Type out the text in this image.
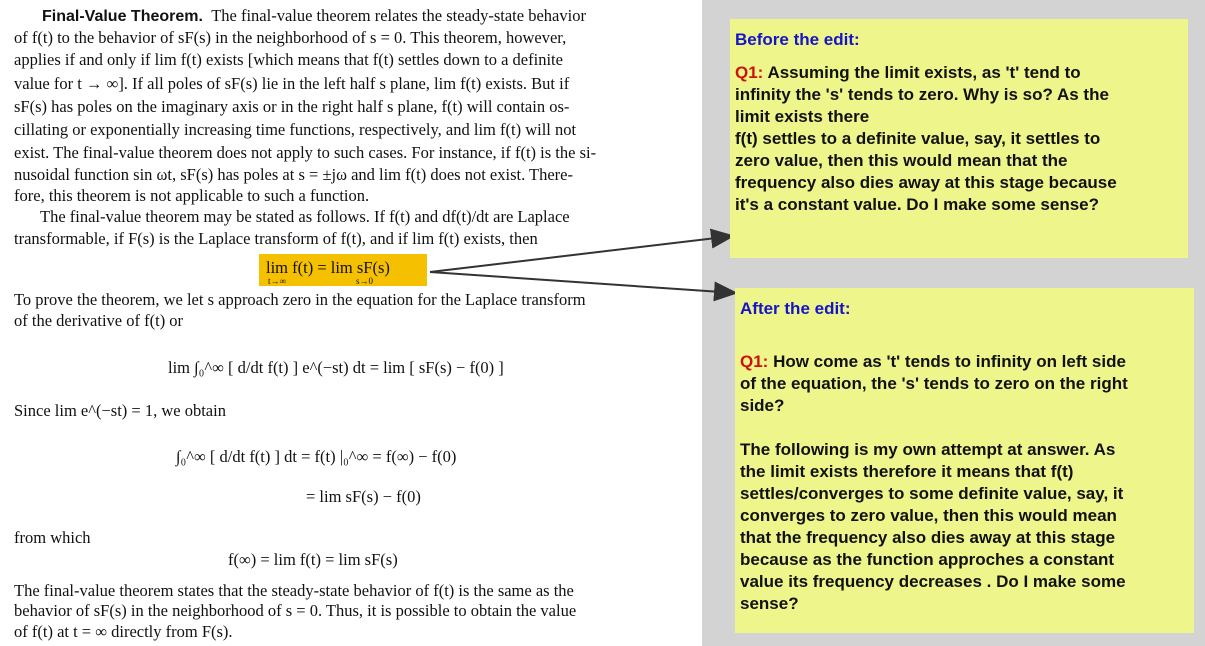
Final-Value Theorem. The final-value theorem relates the steady-state behavior
of f(t) to the behavior of sF(s) in the neighborhood of s = 0. This theorem, however,
applies if and only if lim f(t) exists [which means that f(t) settles down to a definite
value for t → ∞]. If all poles of sF(s) lie in the left half s plane, lim f(t) exists. But if
sF(s) has poles on the imaginary axis or in the right half s plane, f(t) will contain os-
cillating or exponentially increasing time functions, respectively, and lim f(t) will not
exist. The final-value theorem does not apply to such cases. For instance, if f(t) is the si-
nusoidal function sin ωt, sF(s) has poles at s = ±jω and lim f(t) does not exist. There-
fore, this theorem is not applicable to such a function.
The final-value theorem may be stated as follows. If f(t) and df(t)/dt are Laplace
transformable, if F(s) is the Laplace transform of f(t), and if lim f(t) exists, then
lim f(t) = lim sF(s)
t→∞	s→0
To prove the theorem, we let s approach zero in the equation for the Laplace transform
of the derivative of f(t) or
lim ∫₀^∞ [ d/dt f(t) ] e^(−st) dt = lim [ sF(s) − f(0) ]
Since lim e^(−st) = 1, we obtain
∫₀^∞ [ d/dt f(t) ] dt = f(t) |₀^∞ = f(∞) − f(0)
= lim sF(s) − f(0)
from which
f(∞) = lim f(t) = lim sF(s)
The final-value theorem states that the steady-state behavior of f(t) is the same as the
behavior of sF(s) in the neighborhood of s = 0. Thus, it is possible to obtain the value
of f(t) at t = ∞ directly from F(s).
Before the edit:
Q1: Assuming the limit exists, as 't' tend to
infinity the 's' tends to zero. Why is so? As the
limit exists there
f(t) settles to a definite value, say, it settles to
zero value, then this would mean that the
frequency also dies away at this stage because
it's a constant value. Do I make some sense?
After the edit:
Q1: How come as 't' tends to infinity on left side
of the equation, the 's' tends to zero on the right
side?
The following is my own attempt at answer. As
the limit exists therefore it means that f(t)
settles/converges to some definite value, say, it
converges to zero value, then this would mean
that the frequency also dies away at this stage
because as the function approches a constant
value its frequency decreases . Do I make some
sense?
